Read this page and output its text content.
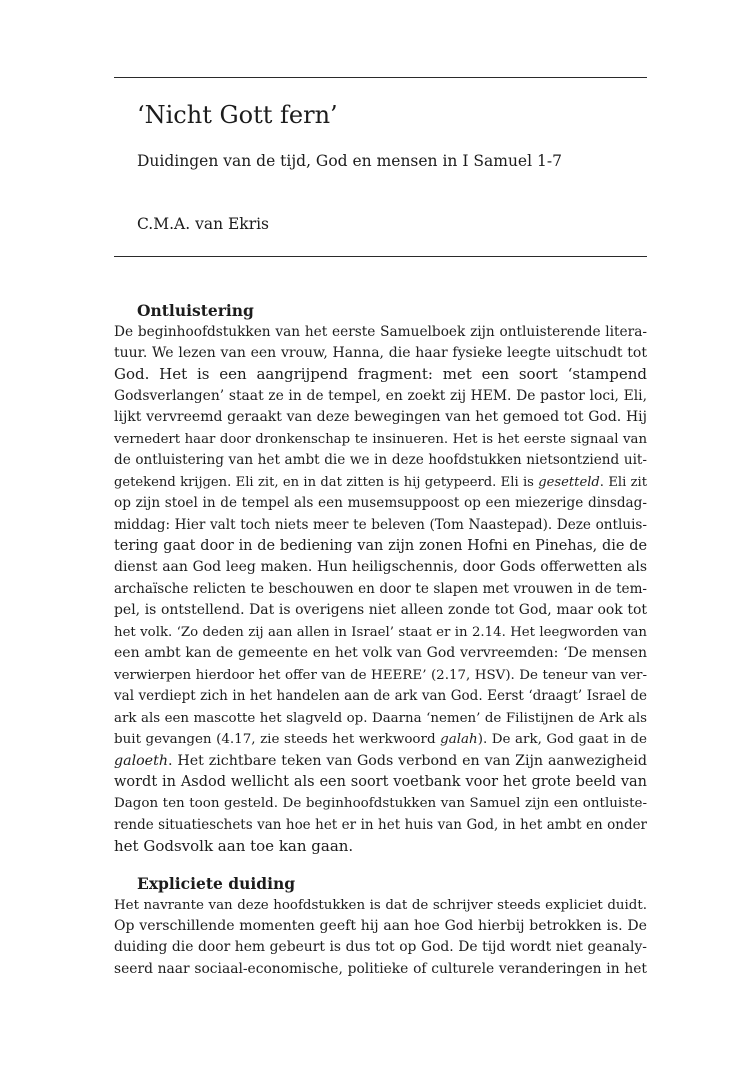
‘Nicht Gott fern’
Duidingen van de tijd, God en mensen in I Samuel 1-7
C.M.A. van Ekris
Ontluistering

De beginhoofdstukken van het eerste Samuelboek zijn ontluisterende litera-
tuur. We lezen van een vrouw, Hanna, die haar fysieke leegte uitschudt tot
God. Het is een aangrijpend fragment: met een soort ‘stampend
Godsverlangen’ staat ze in de tempel, en zoekt zij HEM. De pastor loci, Eli,
lijkt vervreemd geraakt van deze bewegingen van het gemoed tot God. Hij
vernedert haar door dronkenschap te insinueren. Het is het eerste signaal van
de ontluistering van het ambt die we in deze hoofdstukken nietsontziend uit-
getekend krijgen. Eli zit, en in dat zitten is hij getypeerd. Eli is gesetteld. Eli zit
op zijn stoel in de tempel als een musemsuppoost op een miezerige dinsdag-
middag: Hier valt toch niets meer te beleven (Tom Naastepad). Deze ontluis-
tering gaat door in de bediening van zijn zonen Hofni en Pinehas, die de
dienst aan God leeg maken. Hun heiligschennis, door Gods offerwetten als
archaïsche relicten te beschouwen en door te slapen met vrouwen in de tem-
pel, is ontstellend. Dat is overigens niet alleen zonde tot God, maar ook tot
het volk. ‘Zo deden zij aan allen in Israel’ staat er in 2.14. Het leegworden van
een ambt kan de gemeente en het volk van God vervreemden: ‘De mensen
verwierpen hierdoor het offer van de HEERE’ (2.17, HSV). De teneur van ver-
val verdiept zich in het handelen aan de ark van God. Eerst ‘draagt’ Israel de
ark als een mascotte het slagveld op. Daarna ‘nemen’ de Filistijnen de Ark als
buit gevangen (4.17, zie steeds het werkwoord galah). De ark, God gaat in de
galoeth. Het zichtbare teken van Gods verbond en van Zijn aanwezigheid
wordt in Asdod wellicht als een soort voetbank voor het grote beeld van
Dagon ten toon gesteld. De beginhoofdstukken van Samuel zijn een ontluiste-
rende situatieschets van hoe het er in het huis van God, in het ambt en onder
het Godsvolk aan toe kan gaan.

Expliciete duiding

Het navrante van deze hoofdstukken is dat de schrijver steeds expliciet duidt.
Op verschillende momenten geeft hij aan hoe God hierbij betrokken is. De
duiding die door hem gebeurt is dus tot op God. De tijd wordt niet geanaly-
seerd naar sociaal-economische, politieke of culturele veranderingen in het
